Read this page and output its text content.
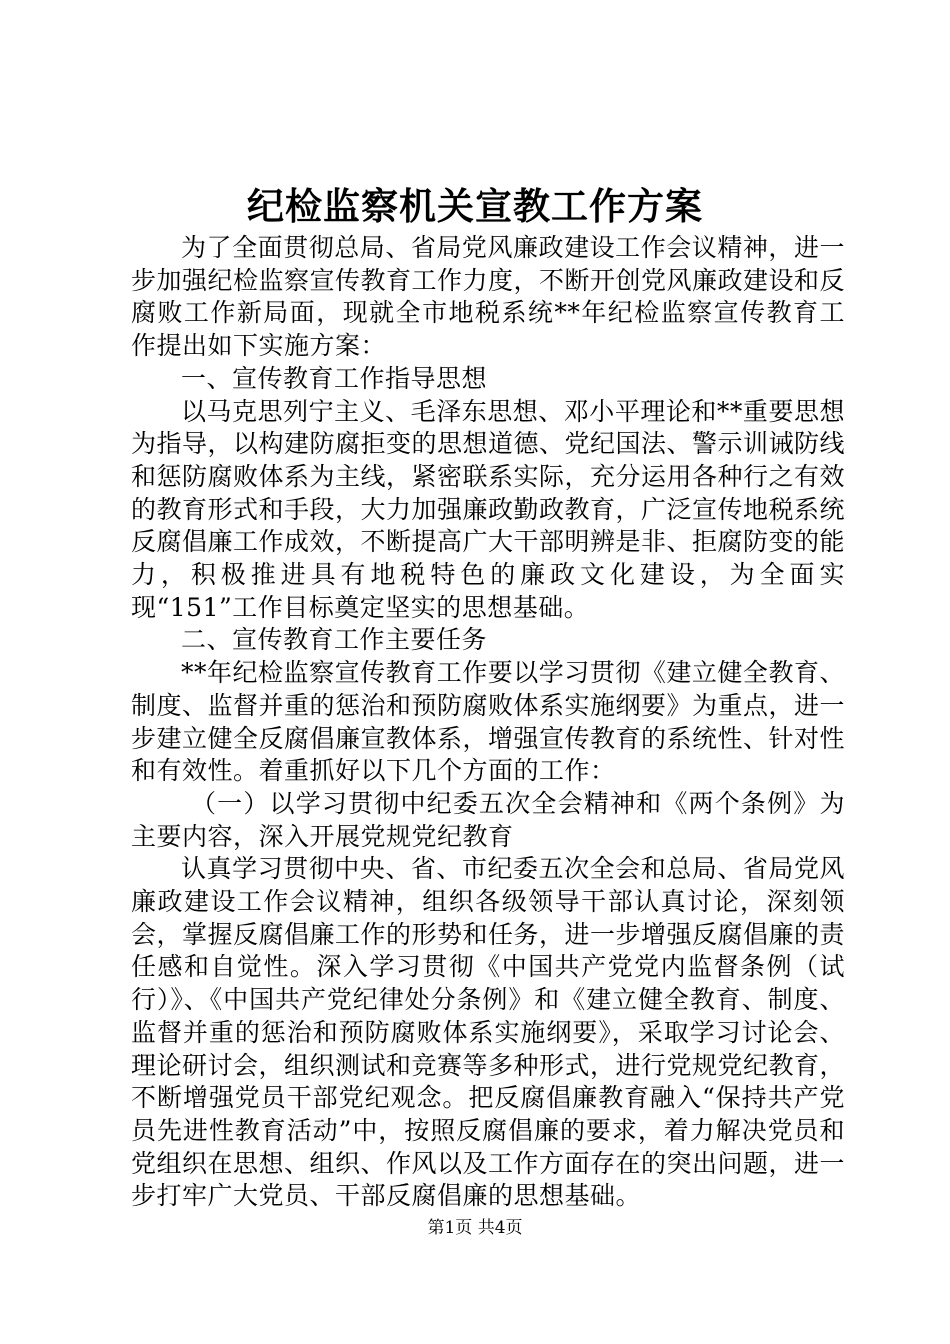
纪检监察机关宣教工作方案

为了全面贯彻总局、省局党风廉政建设工作会议精神，进一步加强纪检监察宣传教育工作力度，不断开创党风廉政建设和反腐败工作新局面，现就全市地税系统**年纪检监察宣传教育工作提出如下实施方案：

一、宣传教育工作指导思想

以马克思列宁主义、毛泽东思想、邓小平理论和**重要思想为指导，以构建防腐拒变的思想道德、党纪国法、警示训诫防线和惩防腐败体系为主线，紧密联系实际，充分运用各种行之有效的教育形式和手段，大力加强廉政勤政教育，广泛宣传地税系统反腐倡廉工作成效，不断提高广大干部明辨是非、拒腐防变的能力，积极推进具有地税特色的廉政文化建设，为全面实现“151”工作目标奠定坚实的思想基础。

二、宣传教育工作主要任务

**年纪检监察宣传教育工作要以学习贯彻《建立健全教育、制度、监督并重的惩治和预防腐败体系实施纲要》为重点，进一步建立健全反腐倡廉宣教体系，增强宣传教育的系统性、针对性和有效性。着重抓好以下几个方面的工作：

（一）以学习贯彻中纪委五次全会精神和《两个条例》为主要内容，深入开展党规党纪教育

认真学习贯彻中央、省、市纪委五次全会和总局、省局党风廉政建设工作会议精神，组织各级领导干部认真讨论，深刻领会，掌握反腐倡廉工作的形势和任务，进一步增强反腐倡廉的责任感和自觉性。深入学习贯彻《中国共产党党内监督条例（试行）》、《中国共产党纪律处分条例》和《建立健全教育、制度、监督并重的惩治和预防腐败体系实施纲要》，采取学习讨论会、理论研讨会，组织测试和竞赛等多种形式，进行党规党纪教育，不断增强党员干部党纪观念。把反腐倡廉教育融入“保持共产党员先进性教育活动”中，按照反腐倡廉的要求，着力解决党员和党组织在思想、组织、作风以及工作方面存在的突出问题，进一步打牢广大党员、干部反腐倡廉的思想基础。

第1页 共4页
